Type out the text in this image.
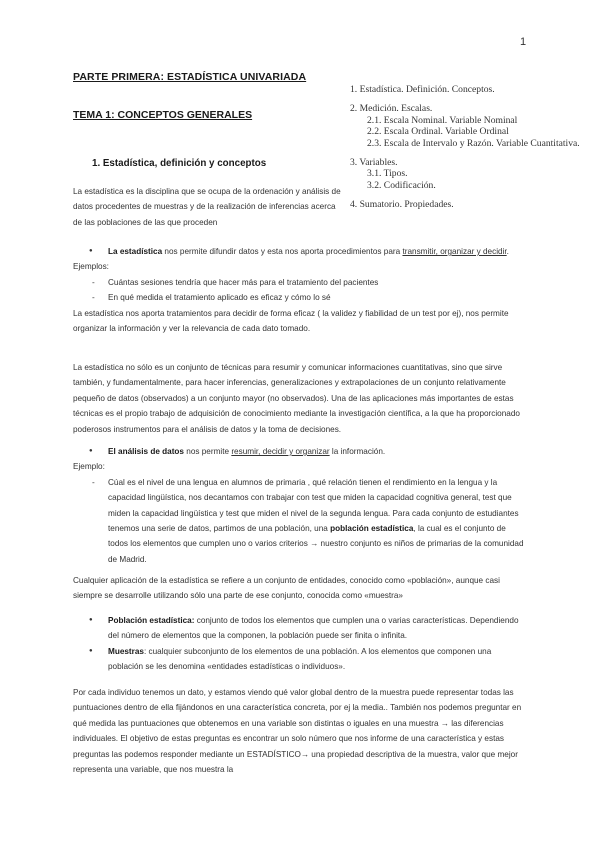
1
PARTE PRIMERA: ESTADÍSTICA UNIVARIADA
TEMA 1: CONCEPTOS GENERALES
1. Estadística. Definición. Conceptos.
2. Medición. Escalas.
2.1. Escala Nominal. Variable Nominal
2.2. Escala Ordinal. Variable Ordinal
2.3. Escala de Intervalo y Razón. Variable Cuantitativa.
3. Variables.
3.1. Tipos.
3.2. Codificación.
4. Sumatorio. Propiedades.
1. Estadística, definición y conceptos
La estadística es la disciplina que se ocupa de la ordenación y análisis de datos procedentes de muestras y de la realización de inferencias acerca de las poblaciones de las que proceden
● La estadística nos permite difundir datos y esta nos aporta procedimientos para transmitir, organizar y decidir.
Ejemplos:
- Cuántas sesiones tendría que hacer más para el tratamiento del pacientes
- En qué medida el tratamiento aplicado es eficaz y cómo lo sé
La estadística nos aporta tratamientos para decidir de forma eficaz ( la validez y fiabilidad de un test por ej), nos permite organizar la información y ver la relevancia de cada dato tomado.
La estadística no sólo es un conjunto de técnicas para resumir y comunicar informaciones cuantitativas, sino que sirve también, y fundamentalmente, para hacer inferencias, generalizaciones y extrapolaciones de un conjunto relativamente pequeño de datos (observados) a un conjunto mayor (no observados). Una de las aplicaciones más importantes de estas técnicas es el propio trabajo de adquisición de conocimiento mediante la investigación científica, a la que ha proporcionado poderosos instrumentos para el análisis de datos y la toma de decisiones.
● El análisis de datos nos permite resumir, decidir y organizar la información.
Ejemplo:
- Cúal es el nivel de una lengua en alumnos de primaria , qué relación tienen el rendimiento en la lengua y la capacidad lingüística, nos decantamos con trabajar con test que miden la capacidad cognitiva general, test que miden la capacidad lingüística y test que miden el nivel de la segunda lengua. Para cada conjunto de estudiantes tenemos una serie de datos, partimos de una población, una población estadística, la cual es el conjunto de todos los elementos que cumplen uno o varios criterios → nuestro conjunto es niños de primarias de la comunidad de Madrid.
Cualquier aplicación de la estadística se refiere a un conjunto de entidades, conocido como «población», aunque casi siempre se desarrolle utilizando sólo una parte de ese conjunto, conocida como «muestra»
● Población estadística: conjunto de todos los elementos que cumplen una o varias características. Dependiendo del número de elementos que la componen, la población puede ser finita o infinita.
● Muestras: cualquier subconjunto de los elementos de una población. A los elementos que componen una población se les denomina «entidades estadísticas o individuos».
Por cada individuo tenemos un dato, y estamos viendo qué valor global dentro de la muestra puede representar todas las puntuaciones dentro de ella fijándonos en una característica concreta, por ej la media.. También nos podemos preguntar en qué medida las puntuaciones que obtenemos en una variable son distintas o iguales en una muestra → las diferencias individuales. El objetivo de estas preguntas es encontrar un solo número que nos informe de una característica y estas preguntas las podemos responder mediante un ESTADÍSTICO→ una propiedad descriptiva de la muestra, valor que mejor representa una variable, que nos muestra la
